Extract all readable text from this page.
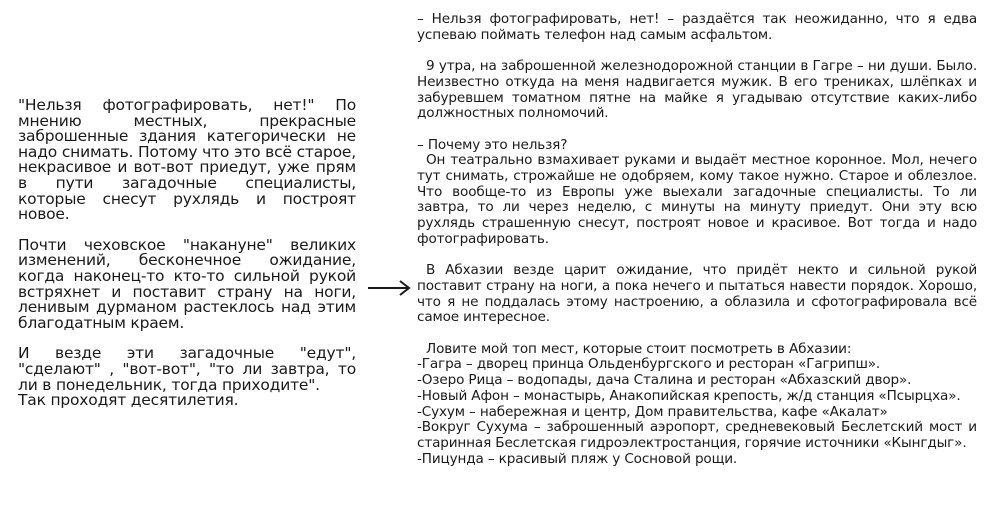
"Нельзя фотографировать, нет!" По мнению местных, прекрасные заброшенные здания категорически не надо снимать. Потому что это всё старое, некрасивое и вот-вот приедут, уже прям в пути загадочные специалисты, которые снесут рухлядь и построят новое.

Почти чеховское "накануне" великих изменений, бесконечное ожидание, когда наконец-то кто-то сильной рукой встряхнет и поставит страну на ноги, ленивым дурманом растеклось над этим благодатным краем.

И везде эти загадочные "едут", "сделают" , "вот-вот", "то ли завтра, то ли в понедельник, тогда приходите".

Так проходят десятилетия.

– Нельзя фотографировать, нет! – раздаётся так неожиданно, что я едва успеваю поймать телефон над самым асфальтом.

9 утра, на заброшенной железнодорожной станции в Гагре – ни души. Было. Неизвестно откуда на меня надвигается мужик. В его трениках, шлёпках и забуревшем томатном пятне на майке я угадываю отсутствие каких-либо должностных полномочий.

– Почему это нельзя?
Он театрально взмахивает руками и выдаёт местное коронное. Мол, нечего тут снимать, строжайше не одобряем, кому такое нужно. Старое и облезлое. Что вообще-то из Европы уже выехали загадочные специалисты. То ли завтра, то ли через неделю, с минуты на минуту приедут. Они эту всю рухлядь страшенную снесут, построят новое и красивое. Вот тогда и надо фотографировать.

В Абхазии везде царит ожидание, что придёт некто и сильной рукой поставит страну на ноги, а пока нечего и пытаться навести порядок. Хорошо, что я не поддалась этому настроению, а облазила и сфотографировала всё самое интересное.

Ловите мой топ мест, которые стоит посмотреть в Абхазии:
-Гагра – дворец принца Ольденбургского и ресторан «Гагрипш».
-Озеро Рица – водопады, дача Сталина и ресторан «Абхазский двор».
-Новый Афон – монастырь, Анакопийская крепость, ж/д станция «Псырцха».
-Сухум – набережная и центр, Дом правительства, кафе «Акалат»
-Вокруг Сухума – заброшенный аэропорт, средневековый Беслетский мост и старинная Беслетская гидроэлектростанция, горячие источники «Кынгдыг».
-Пицунда – красивый пляж у Сосновой рощи.
